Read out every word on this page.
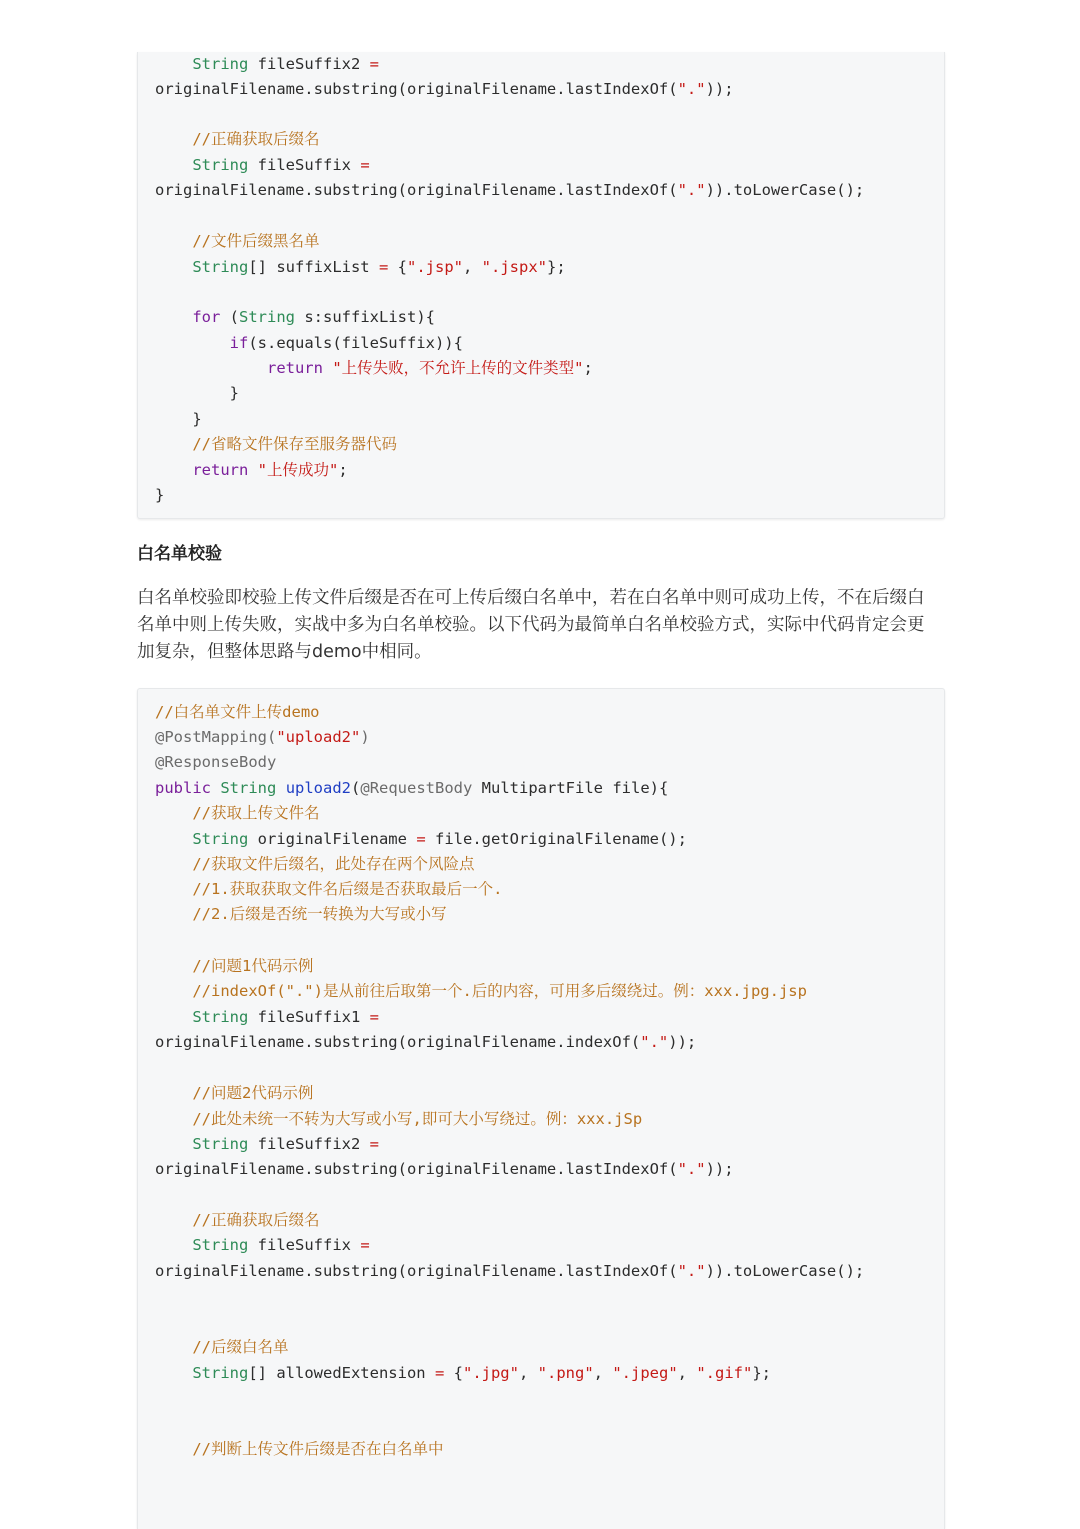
String fileSuffix2 =
originalFilename.substring(originalFilename.lastIndexOf("."));
//正确获取后缀名
String fileSuffix =
originalFilename.substring(originalFilename.lastIndexOf(".")).toLowerCase();
//文件后缀黑名单
String[] suffixList = {".jsp", ".jspx"};
for (String s:suffixList){
if(s.equals(fileSuffix)){
return "上传失败，不允许上传的文件类型";
}
}
//省略文件保存至服务器代码
return "上传成功";
}
白名单校验

白名单校验即校验上传文件后缀是否在可上传后缀白名单中，若在白名单中则可成功上传，不在后缀白

名单中则上传失败，实战中多为白名单校验。以下代码为最简单白名单校验方式，实际中代码肯定会更

加复杂，但整体思路与demo中相同。

//白名单文件上传demo
@PostMapping("upload2")
@ResponseBody
public String upload2(@RequestBody MultipartFile file){
//获取上传文件名
String originalFilename = file.getOriginalFilename();
//获取文件后缀名，此处存在两个风险点
//1.获取获取文件名后缀是否获取最后一个.
//2.后缀是否统一转换为大写或小写
//问题1代码示例
//indexOf(".")是从前往后取第一个.后的内容，可用多后缀绕过。例：xxx.jpg.jsp
String fileSuffix1 =
originalFilename.substring(originalFilename.indexOf("."));
//问题2代码示例
//此处未统一不转为大写或小写,即可大小写绕过。例：xxx.jSp
String fileSuffix2 =
originalFilename.substring(originalFilename.lastIndexOf("."));
//正确获取后缀名
String fileSuffix =
originalFilename.substring(originalFilename.lastIndexOf(".")).toLowerCase();
//后缀白名单
String[] allowedExtension = {".jpg", ".png", ".jpeg", ".gif"};
//判断上传文件后缀是否在白名单中
